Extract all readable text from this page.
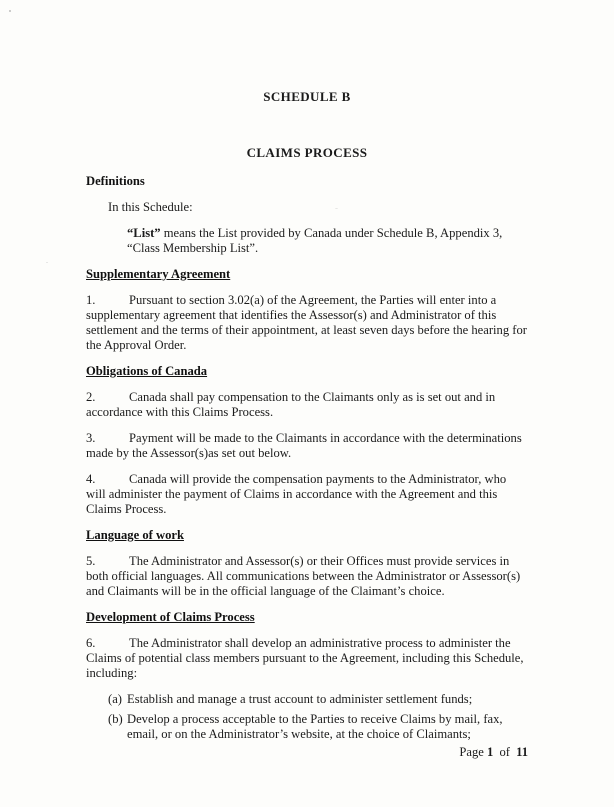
SCHEDULE B
CLAIMS PROCESS
Definitions

In this Schedule:

“List” means the List provided by Canada under Schedule B, Appendix 3, “Class Membership List”.

Supplementary Agreement

1.	Pursuant to section 3.02(a) of the Agreement, the Parties will enter into a supplementary agreement that identifies the Assessor(s) and Administrator of this settlement and the terms of their appointment, at least seven days before the hearing for the Approval Order.

Obligations of Canada

2.	Canada shall pay compensation to the Claimants only as is set out and in accordance with this Claims Process.

3.	Payment will be made to the Claimants in accordance with the determinations made by the Assessor(s)as set out below.

4.	Canada will provide the compensation payments to the Administrator, who will administer the payment of Claims in accordance with the Agreement and this Claims Process.

Language of work

5.	The Administrator and Assessor(s) or their Offices must provide services in both official languages. All communications between the Administrator or Assessor(s) and Claimants will be in the official language of the Claimant’s choice.

Development of Claims Process

6.	The Administrator shall develop an administrative process to administer the Claims of potential class members pursuant to the Agreement, including this Schedule, including:

(a) Establish and manage a trust account to administer settlement funds;
(b) Develop a process acceptable to the Parties to receive Claims by mail, fax, email, or on the Administrator’s website, at the choice of Claimants;
Page 1 of 11
